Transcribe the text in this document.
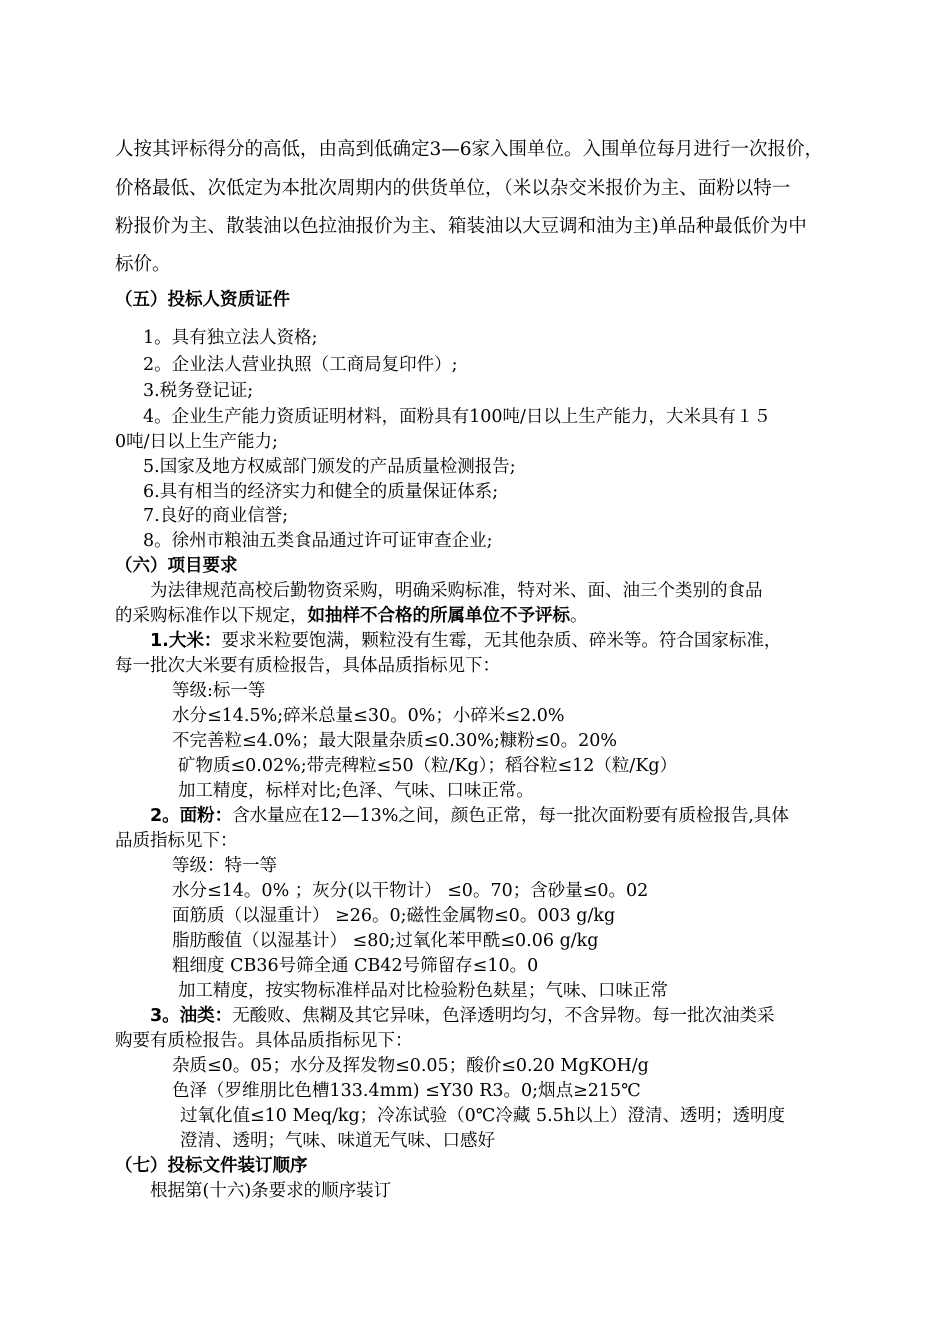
人按其评标得分的高低，由高到低确定3—6家入围单位。入围单位每月进行一次报价，
价格最低、次低定为本批次周期内的供货单位，（米以杂交米报价为主、面粉以特一
粉报价为主、散装油以色拉油报价为主、箱装油以大豆调和油为主)单品种最低价为中
标价。
（五）投标人资质证件
1。具有独立法人资格;
2。企业法人营业执照（工商局复印件）;
3.税务登记证;
4。企业生产能力资质证明材料，面粉具有100吨/日以上生产能力，大米具有１５
0吨/日以上生产能力;
5.国家及地方权威部门颁发的产品质量检测报告;
6.具有相当的经济实力和健全的质量保证体系;
7.良好的商业信誉;
8。徐州市粮油五类食品通过许可证审查企业;
（六）项目要求
为法律规范高校后勤物资采购，明确采购标准，特对米、面、油三个类别的食品
的采购标准作以下规定，如抽样不合格的所属单位不予评标。
1.大米：要求米粒要饱满，颗粒没有生霉，无其他杂质、碎米等。符合国家标准，
每一批次大米要有质检报告，具体品质指标见下：
等级:标一等
水分≤14.5%;碎米总量≤30。0%；小碎米≤2.0%
不完善粒≤4.0%；最大限量杂质≤0.30%;糠粉≤0。20%
矿物质≤0.02%;带壳稗粒≤50（粒/Kg）；稻谷粒≤12（粒/Kg）
加工精度，标样对比;色泽、气味、口味正常。
2。面粉：含水量应在12—13%之间，颜色正常，每一批次面粉要有质检报告,具体
品质指标见下：
等级：特一等
水分≤14。0% ；灰分(以干物计） ≤0。70；含砂量≤0。02
面筋质（以湿重计） ≥26。0;磁性金属物≤0。003 g/kg
脂肪酸值（以湿基计） ≤80;过氧化苯甲酰≤0.06 g/kg
粗细度 CB36号筛全通 CB42号筛留存≤10。0
加工精度，按实物标准样品对比检验粉色麸星；气味、口味正常
3。油类：无酸败、焦糊及其它异味，色泽透明均匀，不含异物。每一批次油类采
购要有质检报告。具体品质指标见下：
杂质≤0。05；水分及挥发物≤0.05；酸价≤0.20 MgKOH/g
色泽（罗维朋比色槽133.4mm) ≤Y30 R3。0;烟点≥215℃
过氧化值≤10 Meq/kg；冷冻试验（0℃冷藏 5.5h以上）澄清、透明；透明度
澄清、透明；气味、味道无气味、口感好
（七）投标文件装订顺序
根据第(十六)条要求的顺序装订
